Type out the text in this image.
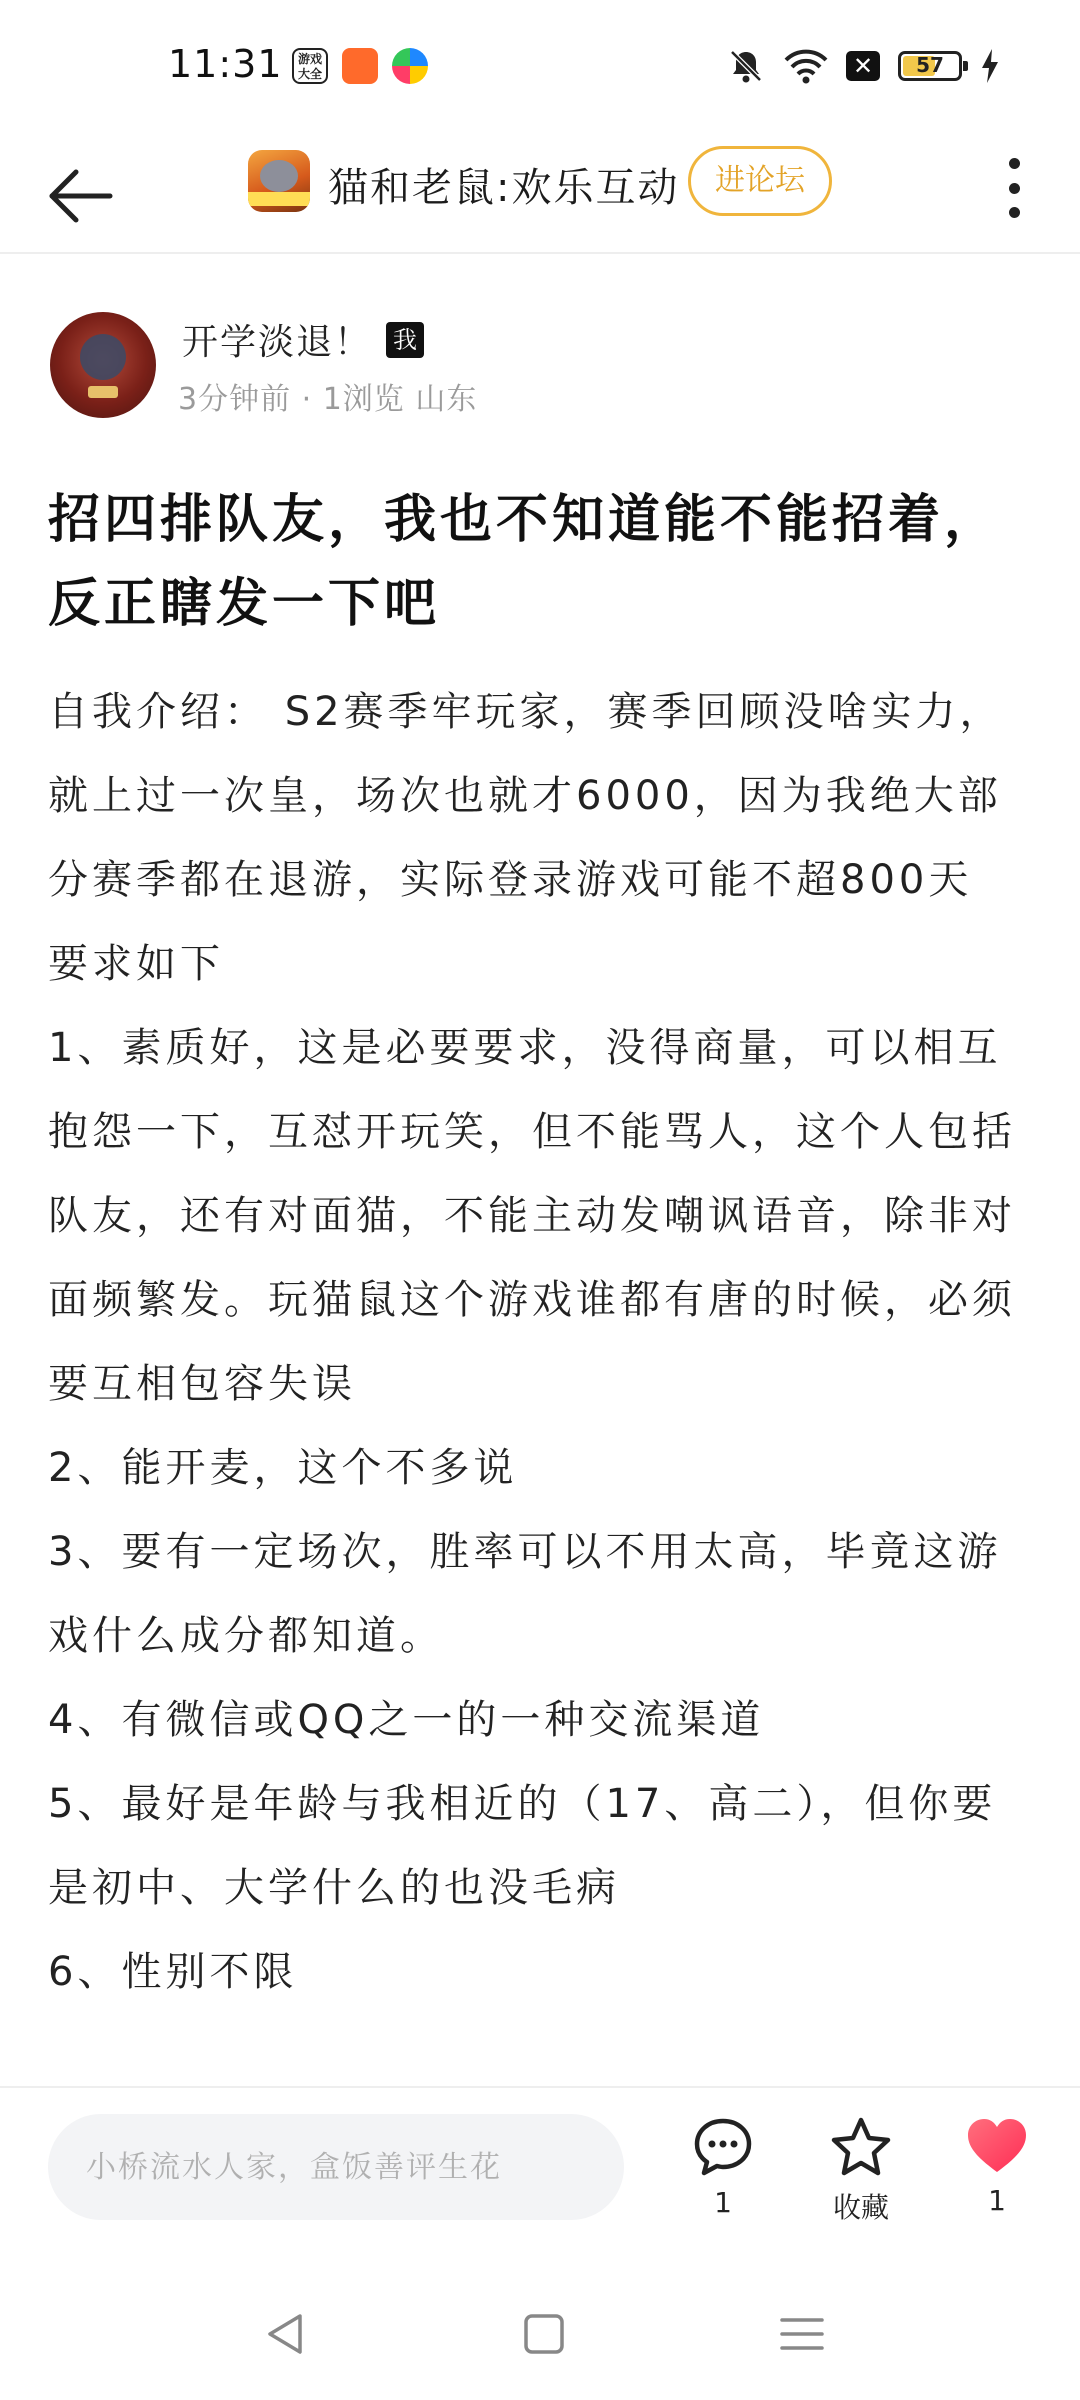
11:31	游戏大全	✕	57
猫和老鼠:欢乐互动	进论坛
开学淡退！ 我
3分钟前 · 1浏览 山东
招四排队友，我也不知道能不能招着，反正瞎发一下吧

自我介绍： S2赛季牢玩家，赛季回顾没啥实力，就上过一次皇，场次也就才6000，因为我绝大部分赛季都在退游，实际登录游戏可能不超800天

要求如下

1、素质好，这是必要要求，没得商量，可以相互抱怨一下，互怼开玩笑，但不能骂人，这个人包括队友，还有对面猫，不能主动发嘲讽语音，除非对面频繁发。玩猫鼠这个游戏谁都有唐的时候，必须要互相包容失误

2、能开麦，这个不多说

3、要有一定场次，胜率可以不用太高，毕竟这游戏什么成分都知道。

4、有微信或QQ之一的一种交流渠道

5、最好是年龄与我相近的（17、高二），但你要是初中、大学什么的也没毛病

6、性别不限

小桥流水人家，盒饭善评生花
1	收藏	1
